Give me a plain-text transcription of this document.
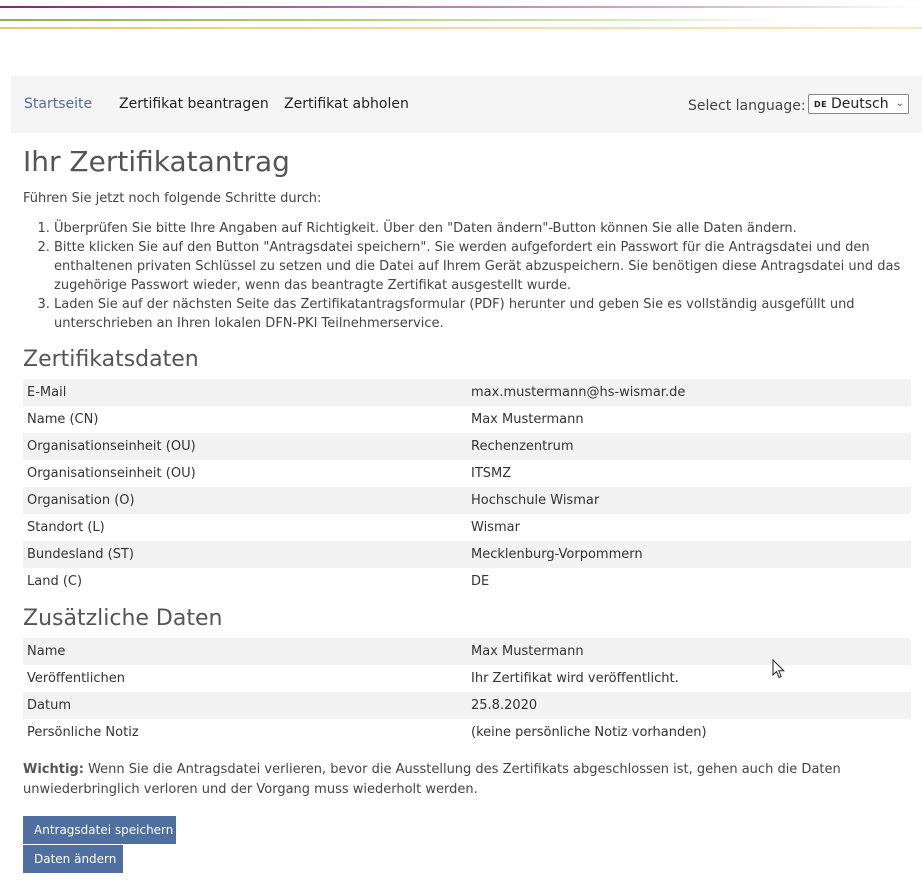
Startseite Zertifikat beantragen Zertifikat abholen	Select language: DE Deutsch ⌄
Ihr Zertifikatantrag
Führen Sie jetzt noch folgende Schritte durch:
1. Überprüfen Sie bitte Ihre Angaben auf Richtigkeit. Über den "Daten ändern"-Button können Sie alle Daten ändern.
2. Bitte klicken Sie auf den Button "Antragsdatei speichern". Sie werden aufgefordert ein Passwort für die Antragsdatei und den enthaltenen privaten Schlüssel zu setzen und die Datei auf Ihrem Gerät abzuspeichern. Sie benötigen diese Antragsdatei und das zugehörige Passwort wieder, wenn das beantragte Zertifikat ausgestellt wurde.
3. Laden Sie auf der nächsten Seite das Zertifikatantragsformular (PDF) herunter und geben Sie es vollständig ausgefüllt und unterschrieben an Ihren lokalen DFN-PKI Teilnehmerservice.
Zertifikatsdaten
E-Mail	max.mustermann@hs-wismar.de
Name (CN)	Max Mustermann
Organisationseinheit (OU)	Rechenzentrum
Organisationseinheit (OU)	ITSMZ
Organisation (O)	Hochschule Wismar
Standort (L)	Wismar
Bundesland (ST)	Mecklenburg-Vorpommern
Land (C)	DE
Zusätzliche Daten
Name	Max Mustermann
Veröffentlichen	Ihr Zertifikat wird veröffentlicht.
Datum	25.8.2020
Persönliche Notiz	(keine persönliche Notiz vorhanden)
Wichtig: Wenn Sie die Antragsdatei verlieren, bevor die Ausstellung des Zertifikats abgeschlossen ist, gehen auch die Daten unwiederbringlich verloren und der Vorgang muss wiederholt werden.
Antragsdatei speichern
Daten ändern
